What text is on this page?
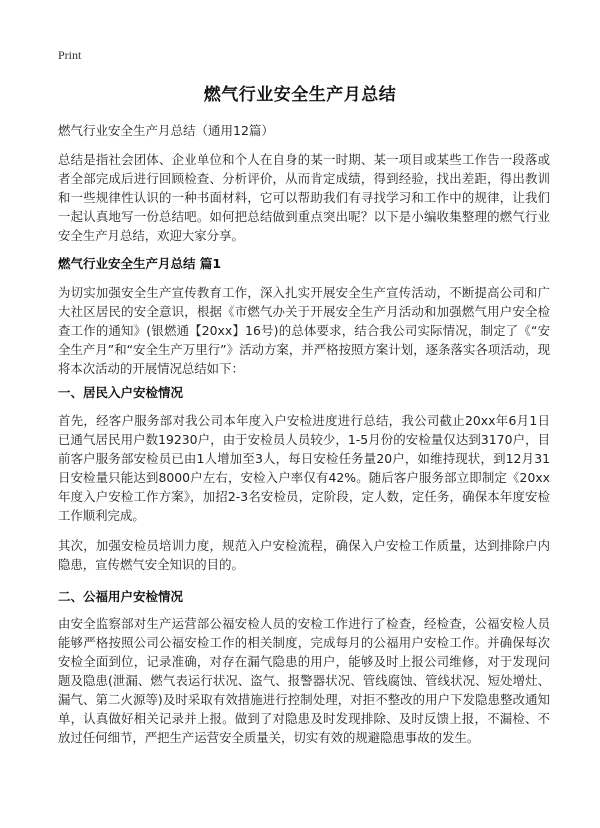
Print
燃气行业安全生产月总结
燃气行业安全生产月总结（通用12篇）

总结是指社会团体、企业单位和个人在自身的某一时期、某一项目或某些工作告一段落或者全部完成后进行回顾检查、分析评价，从而肯定成绩，得到经验，找出差距，得出教训和一些规律性认识的一种书面材料，它可以帮助我们有寻找学习和工作中的规律，让我们一起认真地写一份总结吧。如何把总结做到重点突出呢？以下是小编收集整理的燃气行业安全生产月总结，欢迎大家分享。

燃气行业安全生产月总结 篇1

为切实加强安全生产宣传教育工作，深入扎实开展安全生产宣传活动，不断提高公司和广大社区居民的安全意识，根据《市燃气办关于开展安全生产月活动和加强燃气用户安全检查工作的通知》(银燃通【20xx】16号)的总体要求，结合我公司实际情况，制定了《“安全生产月”和“安全生产万里行”》活动方案，并严格按照方案计划，逐条落实各项活动，现将本次活动的开展情况总结如下：

一、居民入户安检情况

首先，经客户服务部对我公司本年度入户安检进度进行总结，我公司截止20xx年6月1日已通气居民用户数19230户，由于安检员人员较少，1-5月份的安检量仅达到3170户，目前客户服务部安检员已由1人增加至3人，每日安检任务量20户，如维持现状，到12月31日安检量只能达到8000户左右，安检入户率仅有42%。随后客户服务部立即制定《20xx年度入户安检工作方案》，加招2-3名安检员，定阶段，定人数，定任务，确保本年度安检工作顺利完成。

其次，加强安检员培训力度，规范入户安检流程，确保入户安检工作质量，达到排除户内隐患，宣传燃气安全知识的目的。

二、公福用户安检情况

由安全监察部对生产运营部公福安检人员的安检工作进行了检查，经检查，公福安检人员能够严格按照公司公福安检工作的相关制度，完成每月的公福用户安检工作。并确保每次安检全面到位，记录准确，对存在漏气隐患的用户，能够及时上报公司维修，对于发现问题及隐患(泄漏、燃气表运行状况、盗气、报警器状况、管线腐蚀、管线状况、短处增灶、漏气、第二火源等)及时采取有效措施进行控制处理，对拒不整改的用户下发隐患整改通知单，认真做好相关记录并上报。做到了对隐患及时发现排除、及时反馈上报，不漏检、不放过任何细节，严把生产运营安全质量关，切实有效的规避隐患事故的发生。
